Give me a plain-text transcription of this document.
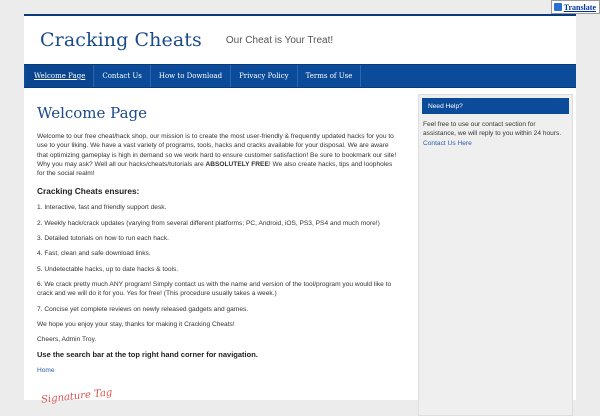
Translate
Cracking Cheats Our Cheat is Your Treat!
Welcome Page	Contact Us	How to Download	Privacy Policy	Terms of Use
Welcome Page

Welcome to our free cheat/hack shop, our mission is to create the most user-friendly & frequently updated hacks for you to use to your liking. We have a vast variety of programs, tools, hacks and cracks available for your disposal. We are aware that optimizing gameplay is high in demand so we work hard to ensure customer satisfaction! Be sure to bookmark our site! Why you may ask? Well all our hacks/cheats/tutorials are ABSOLUTELY FREE! We also create hacks, tips and loopholes for the social realm!

Cracking Cheats ensures:
1. Interactive, fast and friendly support desk.
2. Weekly hack/crack updates (varying from several different platforms; PC, Android, iOS, PS3, PS4 and much more!)
3. Detailed tutorials on how to run each hack.
4. Fast, clean and safe download links.
5. Undetectable hacks, up to date hacks & tools.
6. We crack pretty much ANY program! Simply contact us with the name and version of the tool/program you would like to crack and we will do it for you. Yes for free! (This procedure usually takes a week.)
7. Concise yet complete reviews on newly released gadgets and games.
We hope you enjoy your stay, thanks for making it Cracking Cheats!
Cheers, Admin Troy.
Use the search bar at the top right hand corner for navigation.
Home
Signature Tag
Need Help?
Feel free to use our contact section for assistance, we will reply to you within 24 hours.
Contact Us Here
